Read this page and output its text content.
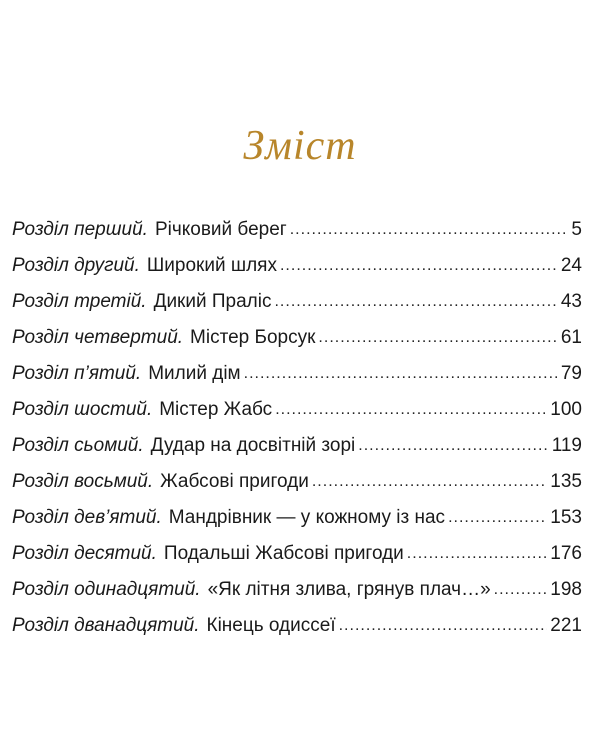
Зміст
Розділ перший. Річковий берег .....	5
Розділ другий. Широкий шлях .....	24
Розділ третій. Дикий Праліс .....	43
Розділ четвертий. Містер Борсук .....	61
Розділ п’ятий. Милий дім .....	79
Розділ шостий. Містер Жабс .....	100
Розділ сьомий. Дудар на досвітній зорі .....	119
Розділ восьмий. Жабсові пригоди .....	135
Розділ дев’ятий. Мандрівник — у кожному із нас .....	153
Розділ десятий. Подальші Жабсові пригоди .....	176
Розділ одинадцятий. «Як літня злива, грянув плач…» .....	198
Розділ дванадцятий. Кінець одиссеї .....	221
